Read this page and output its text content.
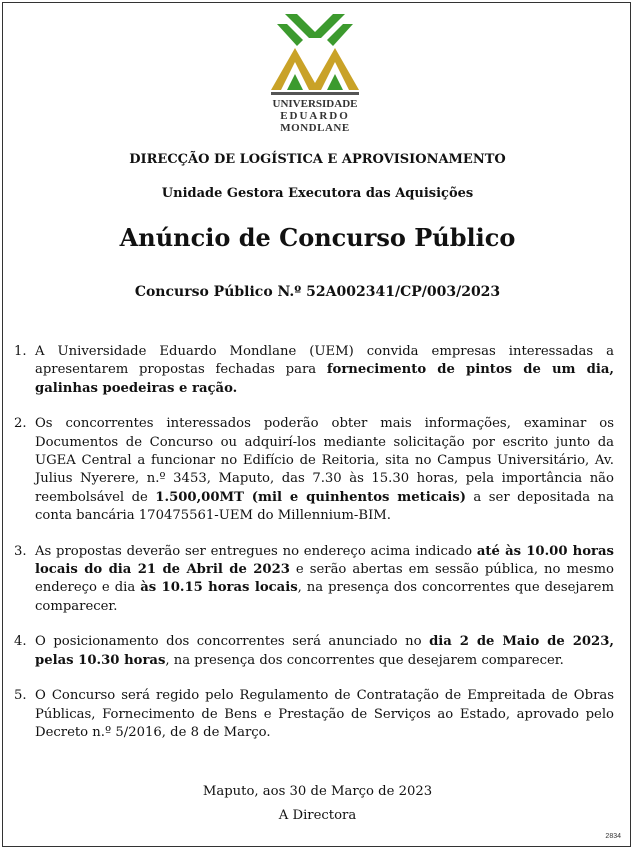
UNIVERSIDADE
EDUARDO
MONDLANE
DIRECÇÃO DE LOGÍSTICA E APROVISIONAMENTO
Unidade Gestora Executora das Aquisições
Anúncio de Concurso Público
Concurso Público N.º 52A002341/CP/003/2023
1. A Universidade Eduardo Mondlane (UEM) convida empresas interessadas a apresentarem propostas fechadas para fornecimento de pintos de um dia, galinhas poedeiras e ração.
2. Os concorrentes interessados poderão obter mais informações, examinar os Documentos de Concurso ou adquirí-los mediante solicitação por escrito junto da UGEA Central a funcionar no Edifício de Reitoria, sita no Campus Universitário, Av. Julius Nyerere, n.º 3453, Maputo, das 7.30 às 15.30 horas, pela importância não reembolsável de 1.500,00MT (mil e quinhentos meticais) a ser depositada na conta bancária 170475561-UEM do Millennium-BIM.
3. As propostas deverão ser entregues no endereço acima indicado até às 10.00 horas locais do dia 21 de Abril de 2023 e serão abertas em sessão pública, no mesmo endereço e dia às 10.15 horas locais, na presença dos concorrentes que desejarem comparecer.
4. O posicionamento dos concorrentes será anunciado no dia 2 de Maio de 2023, pelas 10.30 horas, na presença dos concorrentes que desejarem comparecer.
5. O Concurso será regido pelo Regulamento de Contratação de Empreitada de Obras Públicas, Fornecimento de Bens e Prestação de Serviços ao Estado, aprovado pelo Decreto n.º 5/2016, de 8 de Março.
Maputo, aos 30 de Março de 2023
A Directora
2834
